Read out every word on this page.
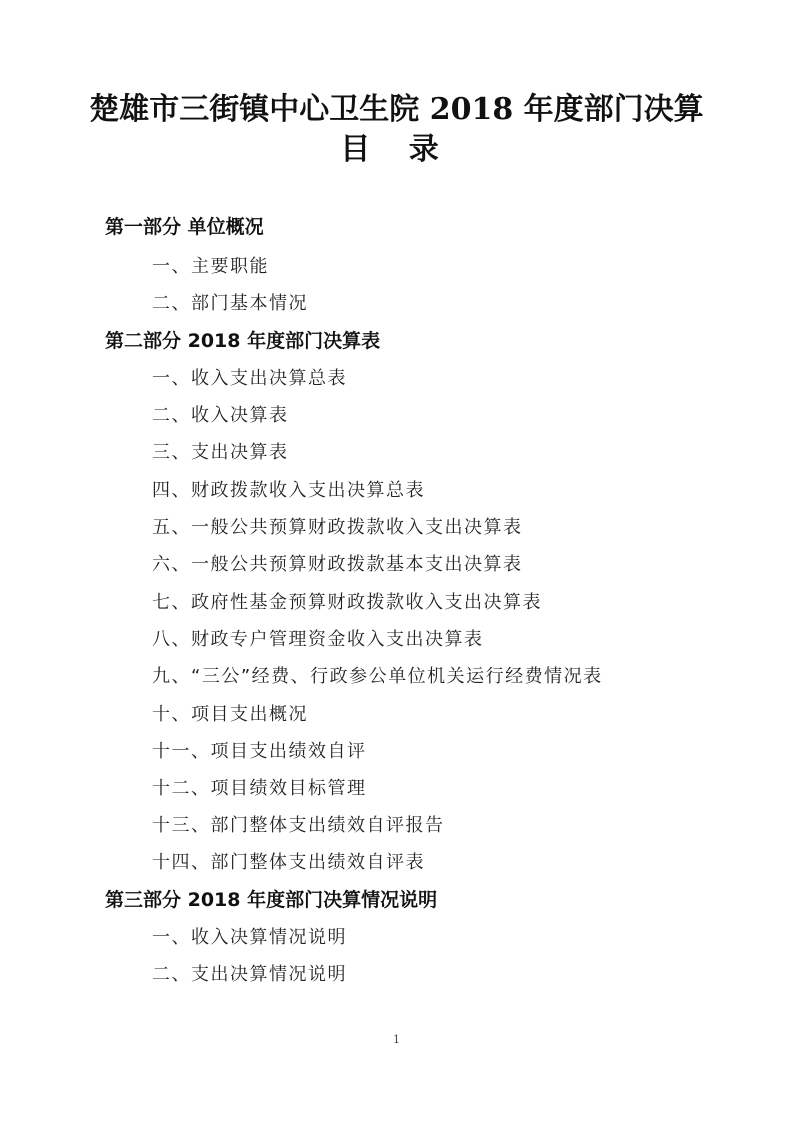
楚雄市三街镇中心卫生院 2018 年度部门决算
目 录
第一部分 单位概况
一、主要职能
二、部门基本情况
第二部分 2018 年度部门决算表
一、收入支出决算总表
二、收入决算表
三、支出决算表
四、财政拨款收入支出决算总表
五、一般公共预算财政拨款收入支出决算表
六、一般公共预算财政拨款基本支出决算表
七、政府性基金预算财政拨款收入支出决算表
八、财政专户管理资金收入支出决算表
九、“三公”经费、行政参公单位机关运行经费情况表
十、项目支出概况
十一、项目支出绩效自评
十二、项目绩效目标管理
十三、部门整体支出绩效自评报告
十四、部门整体支出绩效自评表
第三部分 2018 年度部门决算情况说明
一、收入决算情况说明
二、支出决算情况说明
1
